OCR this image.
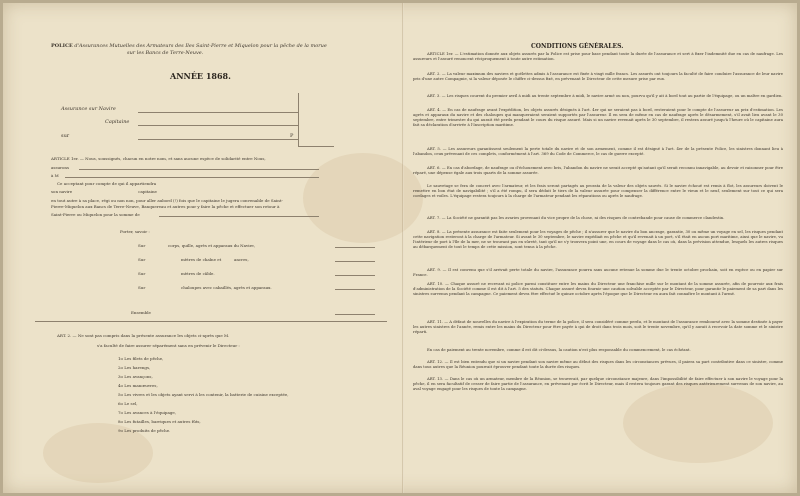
POLICE d'Assurances Mutuelles des Armateurs des Iles Saint-Pierre et Miquelon pour la pêche de la morue
sur les Bancs de Terre-Neuve.
ANNÉE 1868.
Assurance sur Navire
Capitaine
sur	P
ARTICLE 1er. — Nous, soussignés, chacun en notre nom, et sans aucune espèce de solidarité entre Nous,
assurons
à M
Ce acceptant pour compte de qui il appartiendra
son navire                                                    capitaine
en tout autre à sa place, régi ou non non, pour aller aubord (!) fois que le capitaine le jugera convenable de Saint-
Pierre-Miquelon aux Bancs de Terre-Neuve, Banquereau et autres pour y faire la pêche et effectuer son retour à
Saint-Pierre ou Miquelon pour la somme de
Porter, savoir :
Sur	corps, quille, agrès et apparaux du Navire,
Sur	mètres de chaîne et          ancres,
Sur	mètres de câble.
Sur	chaloupes avec cabaillés, agrès et apparaux.
Ensemble
ART. 2. — Ne sont pas compris dans la présente assurance les objets ci-après que M.
s'a faculté de faire assurer séparément sans en prévenir le Directeur :
1o Les filets de pêche,
2o Les harengs,
3o Les avançons,
4o Les manœuvres,
5o Les vivres et les objets ayant servi à les contenir, la batterie de cuisine exceptée,
6o Le sel,
7o Les avances à l'équipage,
8o Les futailles, barriques et autres fûts,
9o Les produits de pêche.
CONDITIONS GÉNÉRALES.
ARTICLE 1er. — L'estimation donnée aux objets assurés par la Police est prise pour base pendant toute la durée de l'assurance et sert à fixer l'indemnité due en cas de naufrage. Les assureurs et l'assuré renoncent réciproquement à toute autre estimation.
ART. 2. — La valeur maximum des navires et goëlettes admis à l'assurance est fixée à vingt mille francs. Les assurés ont toujours la faculté de faire conduire l'assurance de leur navire pris d'une autre Compagnie, si la valeur déposée le chiffre ci-dessus fixé, en prévenant le Directeur de cette mesure prise par eux.
ART. 3. — Les risques courent du premier avril à midi au trente septembre à midi, le navire armé ou non, pourvu qu'il y ait à bord tout au partie de l'équipage, ou un maître en gardien.
ART. 4. — En cas de naufrage avant l'expédition, les objets assurés désignés à l'art. 4er qui ne seraient pas à bord, resteraient pour le compte de l'assureur au prix d'estimation. Les agrès et apparaux du navire et des chaloupes qui manqueraient seraient supportés par l'assureur. Il en sera de même en cas de naufrage après le désarmement, s'il avait lieu avant le 30 septembre, entre trimestre du qui aurait été perdu pendant le cours du risque assuré. Mais si un navire revenait après le 30 septembre, il restera assuré jusqu'à l'heure où le capitaine aura fait sa déclaration d'arrivée à l'Inscription maritime.
ART. 5. — Les assureurs garantissent seulement la perte totale du navire et de son armement, comme il est désigné à l'art. 4er de la présente Police, les sinistres donnant lieu à l'abandon, ceux prévenant de ces complets, conformément à l'art. 369 du Code de Commerce, le cas de guerre excepté.
ART. 6. — En cas d'abordage, de naufrage ou d'échouement avec bris, l'abandon du navire ne serait accepté qu'autant qu'il serait reconnu innavigable, au devoir et raisonner pour être réparé, une dépense égale aux trois quarts de la somme assurée.
Le sauvetage se fera de concert avec l'armateur, et les frais seront partagés au prorata de la valeur des objets sauvés. Si le navire échoué est remis à flot, les assureurs doivent le remettre en bon état de navigabilité ; s'il a été rompu, il sera déduit le tiers de la valeur assurée pour compenser la différence entre le vieux et le neuf, seulement sur tout ce qui sera cordages et voiles. L'équipage restera toujours à la charge de l'armateur pendant les réparations ou après le naufrage.
ART. 7. — La Société ne garantit pas les avaries provenant du vice propre de la chose, ni des risques de contrebande pour cause de commerce clandestin.
ART. 8. — La présente assurance est faite seulement pour les voyages de pêche ; il n'assurer que le navire du bon ancrage, garantie, 30 ou même un voyage en sel, les risques pendant cette navigation resteront à la charge de l'armateur. Si avant le 30 septembre, le navire expédiait en pêche et qu'il revenait à un port, s'il était en aucun port maritime, ainsi que le navire, vu l'intérieur de port à l'île de la mer, ne se trouvant pas en sûreté, tant qu'il ne s'y trouvera point une, en cours de voyage dans le cas où, dans la prévision attendue, lesquels les autres risques au débarquement de tout le temps de cette mission, sont tenus à la pêche.
ART. 9. — Il est convenu que s'il arrivait perte totale du navire, l'assurance pourra sans aucune retenue la somme due le trente octobre prochain, soit en espèce ou en papier sur France.
ART. 10. — Chaque assuré ne recevant ni police parmi constituer entre les mains du Directeur une franchise mille sur le montant de la somme assurée, afin de pourvoir aux frais d'administration de la Société comme il est dit à l'art. 5 des statuts. Chaque assuré devra fournir une caution solvable acceptée par le Directeur, pour garantir le paiement de sa part dans les sinistres survenus pendant la campagne. Ce paiement devra être effectué le quinze octobre après l'époque que le Directeur en aura fait connaître le montant à l'armé.
ART. 11. — A défaut de nouvelles du navire à l'expiration du terme de la police, il sera considéré comme perdu, et le montant de l'assurance remboursé avec la somme destinée à payer les autres sinistres de l'année, remis entre les mains du Directeur pour être payée à qui de droit dans trois mois, soit le trente novembre, qu'il y aurait à recevoir la date somme et le sinistre réparti.
En cas de paiement au trente novembre, comme il est dit ci-dessus, la caution n'est plus responsable du commencement, le cas échéant.
ART. 12. — Il est bien entendu que si un navire pendant son navire même au début des risques dans les circonstances prévues, il paiera sa part contributive dans ce sinistre, comme dans tous autres que la Réunion pourrait éprouver pendant toute la durée des risques.
ART. 13. — Dans le cas où un armateur, membre de la Réunion, se trouverait, par quelque circonstance majeure, dans l'impossibilité de faire effectuer à son navire le voyage pour la pêche, il en sera facultatif de cesser de faire partie de l'assurance, en prévenant par écrit le Directeur, mais il restera toujours garant des risques antérieurement survenus de son navire, au aval voyage engagé pour les risques de toute la campagne.
